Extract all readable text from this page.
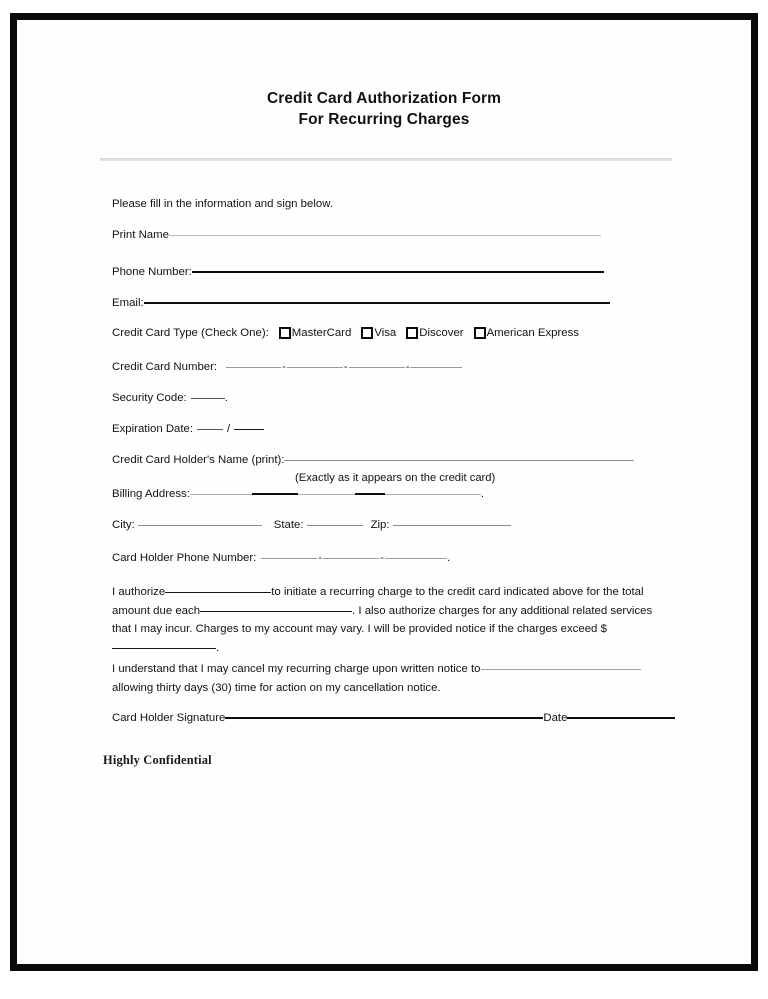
Credit Card Authorization Form
For Recurring Charges
Please fill in the information and sign below.
Print Name
Phone Number:
Email:
Credit Card Type (Check One): MasterCard Visa Discover American Express
Credit Card Number:	-	-	-
Security Code:	.
Expiration Date:	/
Credit Card Holder's Name (print):
(Exactly as it appears on the credit card)
Billing Address:	.
City:	State:	Zip:
Card Holder Phone Number:	-	-	.
I authorize	to initiate a recurring charge to the credit card indicated above for the total amount due each	. I also authorize charges for any additional related services that I may incur. Charges to my account may vary. I will be provided notice if the charges exceed $.
I understand that I may cancel my recurring charge upon written notice to
allowing thirty days (30) time for action on my cancellation notice.
Card Holder Signature	Date
Highly Confidential
